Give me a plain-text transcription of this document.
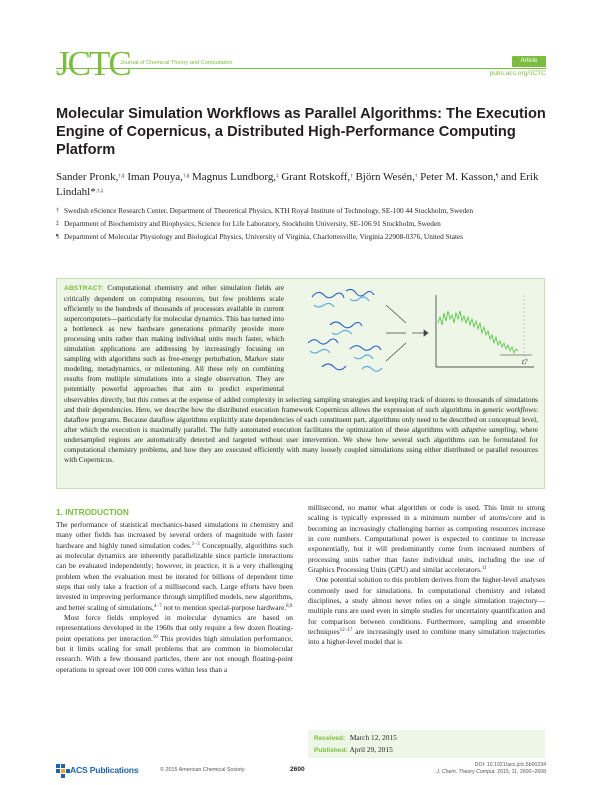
JCTC
Journal of Chemical Theory and Computation	Article
pubs.acs.org/JCTC
Molecular Simulation Workflows as Parallel Algorithms: The Execution Engine of Copernicus, a Distributed High-Performance Computing Platform
Sander Pronk,†,§ Iman Pouya,†,§ Magnus Lundborg,‡ Grant Rotskoff,† Björn Wesén,† Peter M. Kasson,¶ and Erik Lindahl*,†,‡
† Swedish eScience Research Center, Department of Theoretical Physics, KTH Royal Institute of Technology, SE-100 44 Stockholm, Sweden
‡ Department of Biochemistry and Biophysics, Science for Life Laboratory, Stockholm University, SE-106 91 Stockholm, Sweden
¶ Department of Molecular Physiology and Biological Physics, University of Virginia, Charlottesville, Virginia 22908-0376, United States
ABSTRACT: Computational chemistry and other simulation fields are critically dependent on computing resources, but few problems scale efficiently to the hundreds of thousands of processors available in current supercomputers—particularly for molecular dynamics. This has turned into a bottleneck as new hardware generations primarily provide more processing units rather than making individual units much faster, which simulation applications are addressing by increasingly focusing on sampling with algorithms such as free-energy perturbation, Markov state modeling, metadynamics, or milestoning. All these rely on combining results from multiple simulations into a single observation. They are potentially powerful approaches that aim to predict experimental observables directly, but this comes at the expense of added complexity in selecting sampling strategies and keeping track of dozens to thousands of simulations and their dependencies. Here, we describe how the distributed execution framework Copernicus allows the expression of such algorithms in generic workflows: dataflow programs. Because dataflow algorithms explicitly state dependencies of each constituent part, algorithms only need to be described on conceptual level, after which the execution is maximally parallel. The fully automated execution facilitates the optimization of these algorithms with adaptive sampling, where undersampled regions are automatically detected and targeted without user intervention. We show how several such algorithms can be formulated for computational chemistry problems, and how they are executed efficiently with many loosely coupled simulations using either distributed or parallel resources with Copernicus.
t?
1. INTRODUCTION

The performance of statistical mechanics-based simulations in chemistry and many other fields has increased by several orders of magnitude with faster hardware and highly tuned simulation codes.$^{1-3}$ Conceptually, algorithms such as molecular dynamics are inherently parallelizable since particle interactions can be evaluated independently; however, in practice, it is a very challenging problem when the evaluation must be iterated for billions of dependent time steps that only take a fraction of a millisecond each. Large efforts have been invested in improving performance through simplified models, new algorithms, and better scaling of simulations,$^{4-7}$ not to mention special-purpose hardware.$^{8,9}$

Most force fields employed in molecular dynamics are based on representations developed in the 1960s that only require a few dozen floating-point operations per interaction.$^{10}$ This provides high simulation performance, but it limits scaling for small problems that are common in biomolecular research. With a few thousand particles, there are not enough floating-point operations to spread over 100 000 cores within less than a

millisecond, no matter what algorithm or code is used. This limit to strong scaling is typically expressed in a minimum number of atoms/core and is becoming an increasingly challenging barrier as computing resources increase in core numbers. Computational power is expected to continue to increase exponentially, but it will predominantly come from increased numbers of processing units rather than faster individual units, including the use of Graphics Processing Units (GPU) and similar accelerators.$^{11}$

One potential solution to this problem derives from the higher-level analyses commonly used for simulations. In computational chemistry and related disciplines, a study almost never relies on a single simulation trajectory—multiple runs are used even in simple studies for uncertainty quantification and for comparison between conditions. Furthermore, sampling and ensemble techniques$^{12-17}$ are increasingly used to combine many simulation trajectories into a higher-level model that is

Received: March 12, 2015
Published: April 29, 2015
ACS Publications	© 2015 American Chemical Society	2600
DOI: 10.1021/acs.jctc.5b00234
J. Chem. Theory Comput. 2015, 11, 2600−2608
